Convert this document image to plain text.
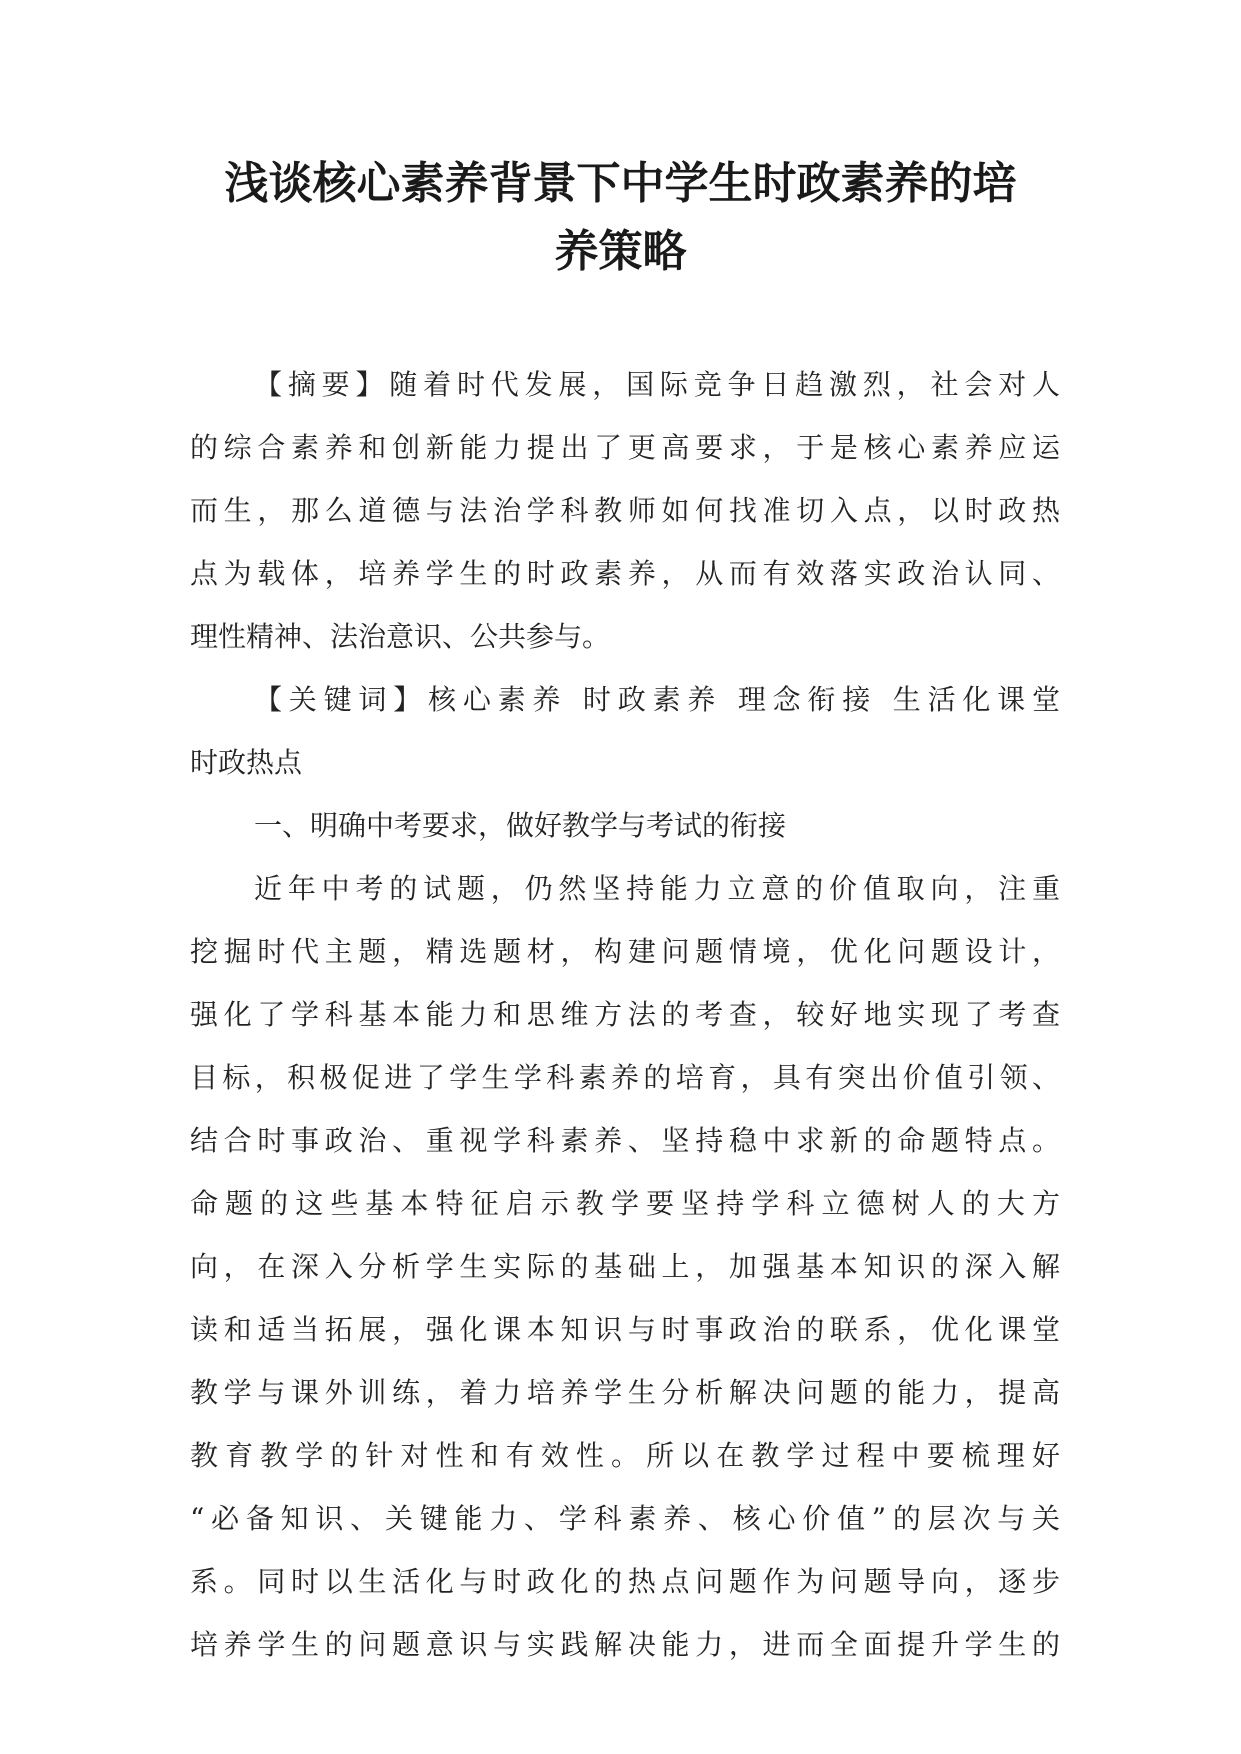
浅谈核心素养背景下中学生时政素养的培
养策略
【摘要】随着时代发展，国际竞争日趋激烈，社会对人
的综合素养和创新能力提出了更高要求，于是核心素养应运
而生，那么道德与法治学科教师如何找准切入点，以时政热
点为载体，培养学生的时政素养，从而有效落实政治认同、
理性精神、法治意识、公共参与。
【关键词】核心素养 时政素养 理念衔接 生活化课堂
时政热点
一、明确中考要求，做好教学与考试的衔接
近年中考的试题，仍然坚持能力立意的价值取向，注重
挖掘时代主题，精选题材，构建问题情境，优化问题设计，
强化了学科基本能力和思维方法的考查，较好地实现了考查
目标，积极促进了学生学科素养的培育，具有突出价值引领、
结合时事政治、重视学科素养、坚持稳中求新的命题特点。
命题的这些基本特征启示教学要坚持学科立德树人的大方
向，在深入分析学生实际的基础上，加强基本知识的深入解
读和适当拓展，强化课本知识与时事政治的联系，优化课堂
教学与课外训练，着力培养学生分析解决问题的能力，提高
教育教学的针对性和有效性。所以在教学过程中要梳理好
“必备知识、关键能力、学科素养、核心价值”的层次与关
系。同时以生活化与时政化的热点问题作为问题导向，逐步
培养学生的问题意识与实践解决能力，进而全面提升学生的
